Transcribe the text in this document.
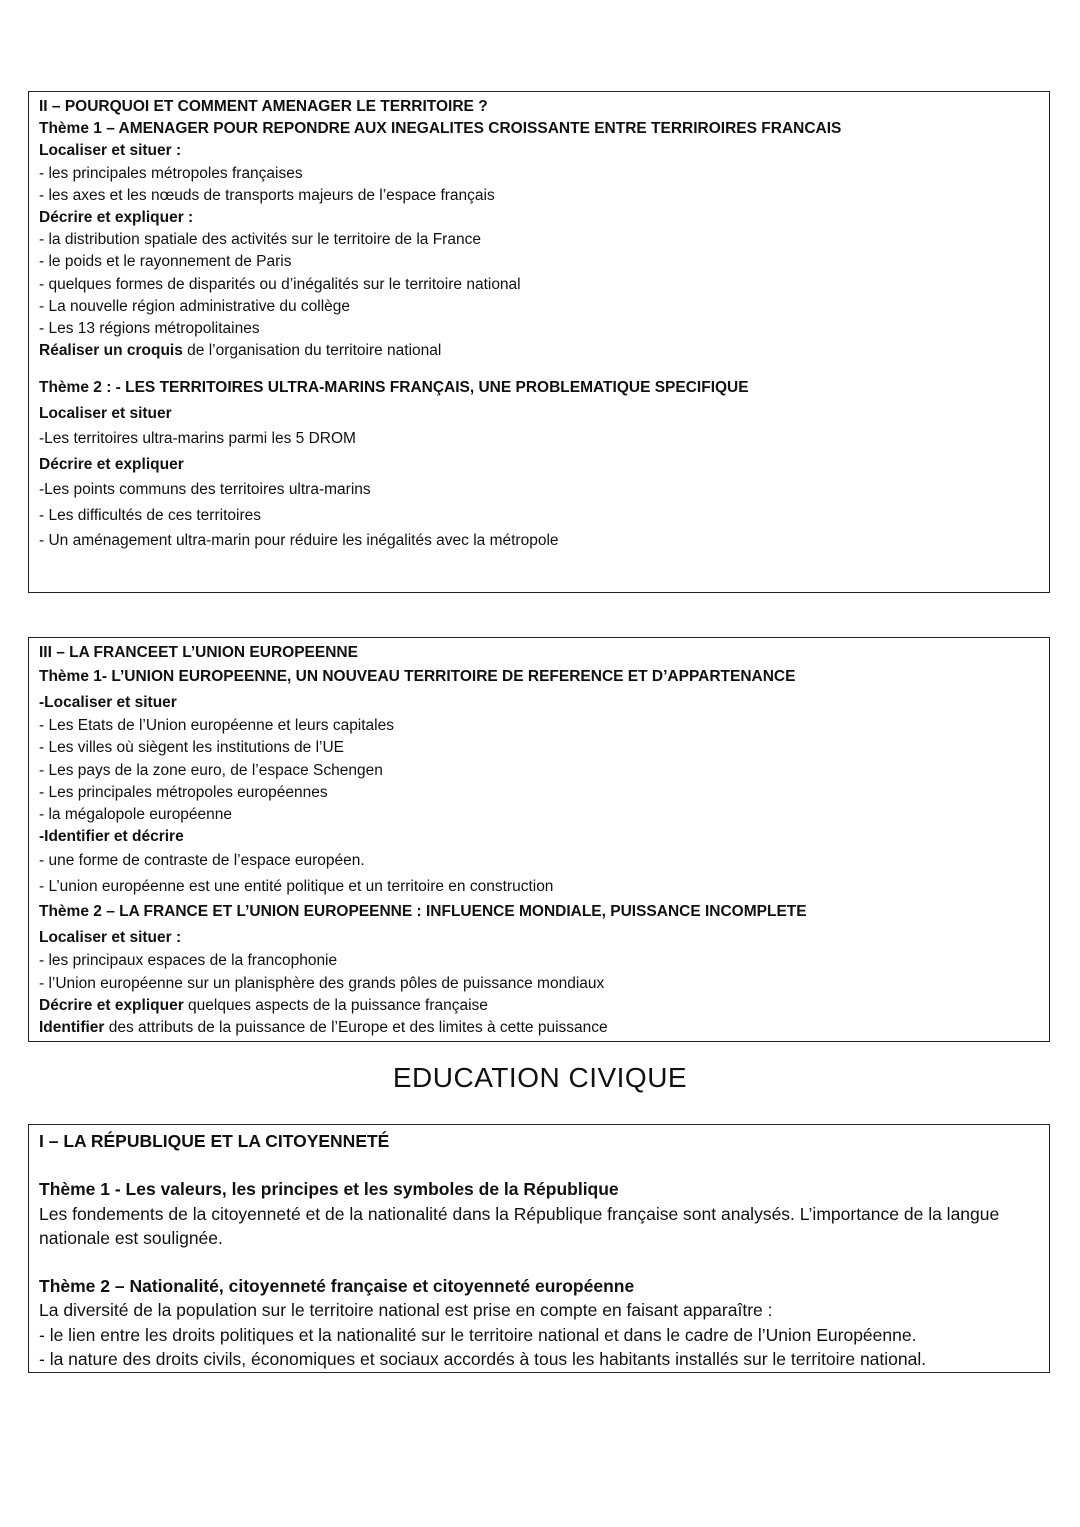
II – POURQUOI ET COMMENT AMENAGER LE TERRITOIRE ?
Thème 1 – AMENAGER POUR REPONDRE AUX INEGALITES CROISSANTE ENTRE TERRIROIRES FRANCAIS
Localiser et situer :
- les principales métropoles françaises
- les axes et les nœuds de transports majeurs de l’espace français
Décrire et expliquer :
- la distribution spatiale des activités sur le territoire de la France
- le poids et le rayonnement de Paris
- quelques formes de disparités ou d’inégalités sur le territoire national
- La nouvelle région administrative du collège
- Les 13 régions métropolitaines
Réaliser un croquis de l’organisation du territoire national
Thème 2 : - LES TERRITOIRES ULTRA-MARINS FRANÇAIS, UNE PROBLEMATIQUE SPECIFIQUE
Localiser et situer
-Les territoires ultra-marins parmi les 5 DROM
Décrire et expliquer
-Les points communs des territoires ultra-marins
- Les difficultés de ces territoires
- Un aménagement ultra-marin pour réduire les inégalités avec la métropole
III – LA FRANCEET L’UNION EUROPEENNE
Thème 1- L’UNION EUROPEENNE, UN NOUVEAU TERRITOIRE DE REFERENCE ET D’APPARTENANCE
-Localiser et situer
- Les Etats de l’Union européenne et leurs capitales
- Les villes où siègent les institutions de l’UE
- Les pays de la zone euro, de l’espace Schengen
- Les principales métropoles européennes
- la mégalopole européenne
-Identifier et décrire
- une forme de contraste de l’espace européen.
- L’union européenne est une entité politique et un territoire en construction
Thème 2 – LA FRANCE ET L’UNION EUROPEENNE : INFLUENCE MONDIALE, PUISSANCE INCOMPLETE
Localiser et situer :
- les principaux espaces de la francophonie
- l’Union européenne sur un planisphère des grands pôles de puissance mondiaux
Décrire et expliquer quelques aspects de la puissance française
Identifier des attributs de la puissance de l’Europe et des limites à cette puissance
EDUCATION CIVIQUE
I – LA RÉPUBLIQUE ET LA CITOYENNETÉ
Thème 1 - Les valeurs, les principes et les symboles de la République
Les fondements de la citoyenneté et de la nationalité dans la République française sont analysés. L’importance de la langue nationale est soulignée.
Thème 2 – Nationalité, citoyenneté française et citoyenneté européenne
La diversité de la population sur le territoire national est prise en compte en faisant apparaître :
- le lien entre les droits politiques et la nationalité sur le territoire national et dans le cadre de l’Union Européenne.
- la nature des droits civils, économiques et sociaux accordés à tous les habitants installés sur le territoire national.
